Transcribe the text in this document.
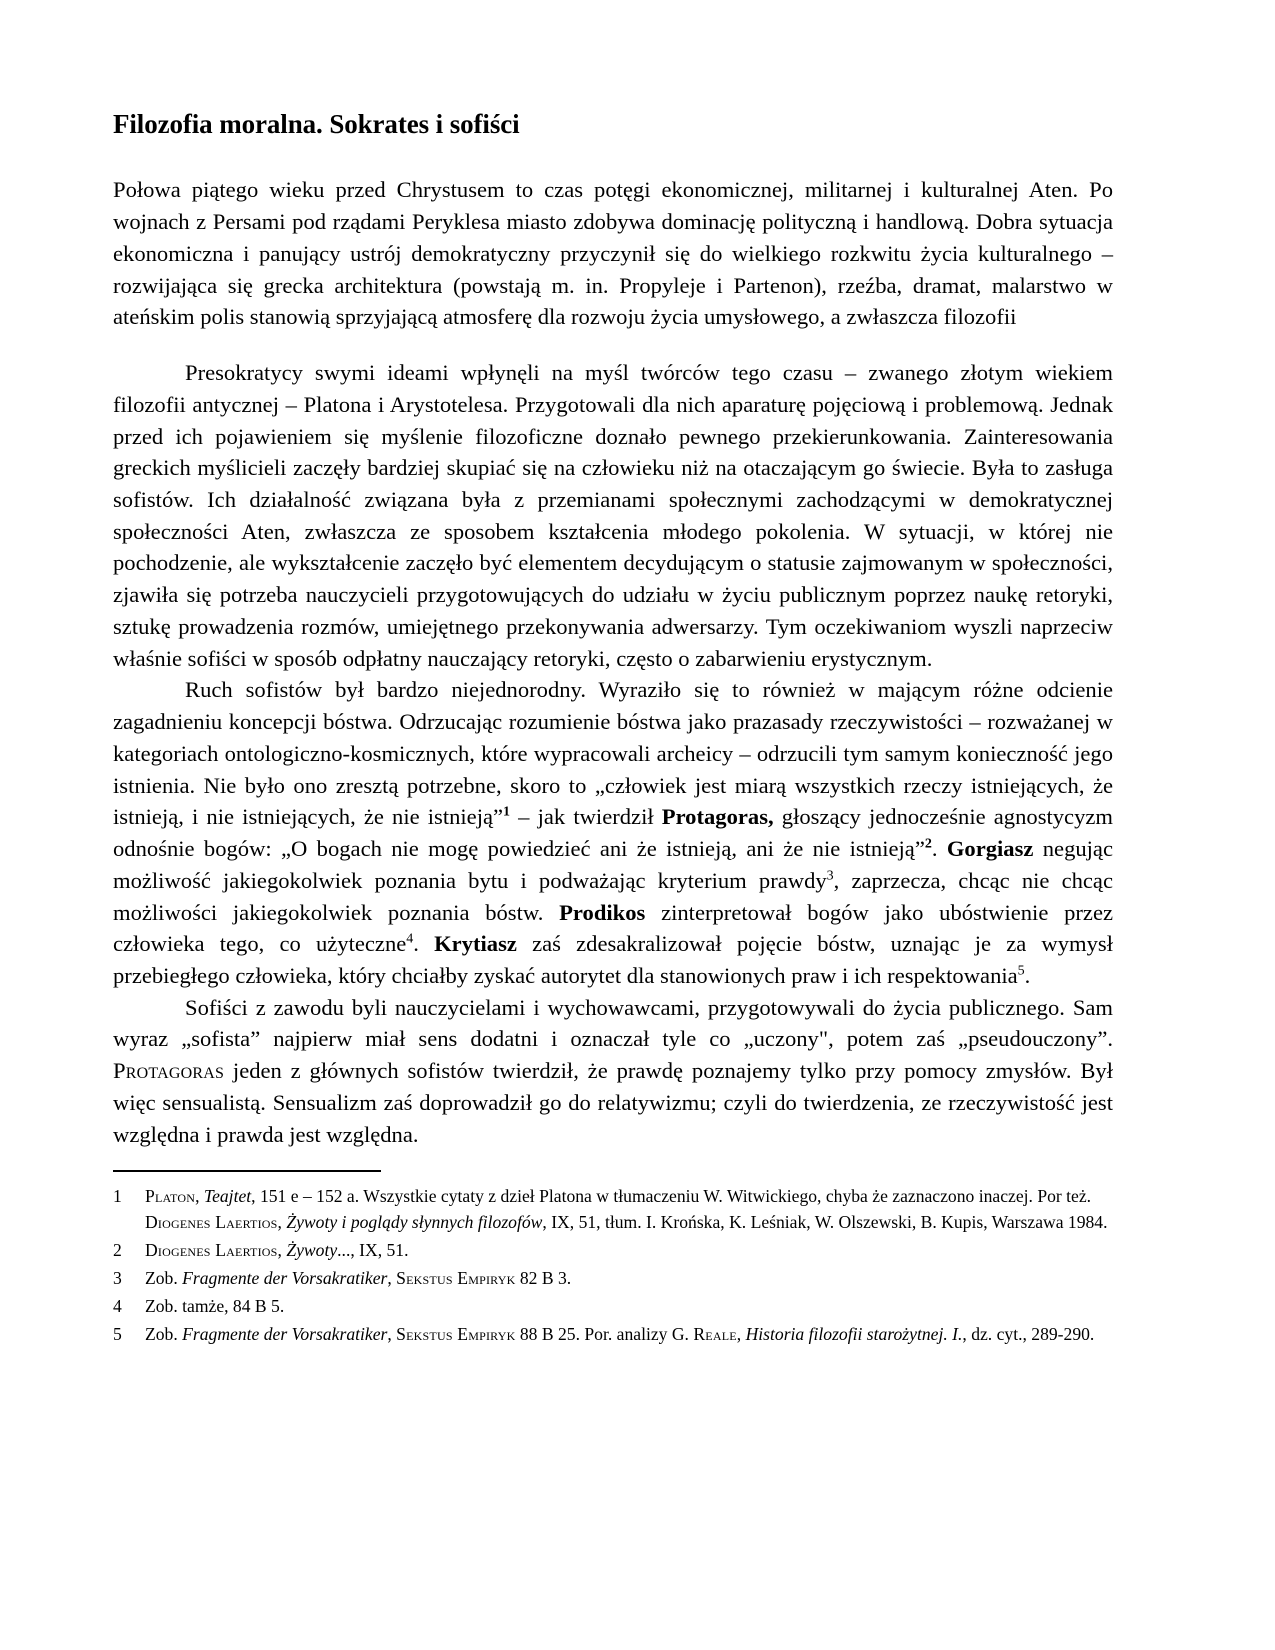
Filozofia moralna. Sokrates i sofiści

Połowa piątego wieku przed Chrystusem to czas potęgi ekonomicznej, militarnej i kulturalnej Aten. Po wojnach z Persami pod rządami Peryklesa miasto zdobywa dominację polityczną i handlową. Dobra sytuacja ekonomiczna i panujący ustrój demokratyczny przyczynił się do wielkiego rozkwitu życia kulturalnego – rozwijająca się grecka architektura (powstają m. in. Propyleje i Partenon), rzeźba, dramat, malarstwo w ateńskim polis stanowią sprzyjającą atmosferę dla rozwoju życia umysłowego, a zwłaszcza filozofii

Presokratycy swymi ideami wpłynęli na myśl twórców tego czasu – zwanego złotym wiekiem filozofii antycznej – Platona i Arystotelesa. Przygotowali dla nich aparaturę pojęciową i problemową. Jednak przed ich pojawieniem się myślenie filozoficzne doznało pewnego przekierunkowania. Zainteresowania greckich myślicieli zaczęły bardziej skupiać się na człowieku niż na otaczającym go świecie. Była to zasługa sofistów. Ich działalność związana była z przemianami społecznymi zachodzącymi w demokratycznej społeczności Aten, zwłaszcza ze sposobem kształcenia młodego pokolenia. W sytuacji, w której nie pochodzenie, ale wykształcenie zaczęło być elementem decydującym o statusie zajmowanym w społeczności, zjawiła się potrzeba nauczycieli przygotowujących do udziału w życiu publicznym poprzez naukę retoryki, sztukę prowadzenia rozmów, umiejętnego przekonywania adwersarzy. Tym oczekiwaniom wyszli naprzeciw właśnie sofiści w sposób odpłatny nauczający retoryki, często o zabarwieniu erystycznym.

Ruch sofistów był bardzo niejednorodny. Wyraziło się to również w mającym różne odcienie zagadnieniu koncepcji bóstwa. Odrzucając rozumienie bóstwa jako prazasady rzeczywistości – rozważanej w kategoriach ontologiczno-kosmicznych, które wypracowali archeicy – odrzucili tym samym konieczność jego istnienia. Nie było ono zresztą potrzebne, skoro to „człowiek jest miarą wszystkich rzeczy istniejących, że istnieją, i nie istniejących, że nie istnieją”$^1$ – jak twierdził Protagoras, głoszący jednocześnie agnostycyzm odnośnie bogów: „O bogach nie mogę powiedzieć ani że istnieją, ani że nie istnieją”$^2$. Gorgiasz negując możliwość jakiegokolwiek poznania bytu i podważając kryterium prawdy$^3$, zaprzecza, chcąc nie chcąc możliwości jakiegokolwiek poznania bóstw. Prodikos zinterpretował bogów jako ubóstwienie przez człowieka tego, co użyteczne$^4$. Krytiasz zaś zdesakralizował pojęcie bóstw, uznając je za wymysł przebiegłego człowieka, który chciałby zyskać autorytet dla stanowionych praw i ich respektowania$^5$.

Sofiści z zawodu byli nauczycielami i wychowawcami, przygotowywali do życia publicznego. Sam wyraz „sofista” najpierw miał sens dodatni i oznaczał tyle co „uczony", potem zaś „pseudouczony”. Protagoras jeden z głównych sofistów twierdził, że prawdę poznajemy tylko przy pomocy zmysłów. Był więc sensualistą. Sensualizm zaś doprowadził go do relatywizmu; czyli do twierdzenia, ze rzeczywistość jest względna i prawda jest względna.

1	Platon, Teajtet, 151 e – 152 a. Wszystkie cytaty z dzieł Platona w tłumaczeniu W. Witwickiego, chyba że zaznaczono inaczej. Por też. Diogenes Laertios, Żywoty i poglądy słynnych filozofów, IX, 51, tłum. I. Krońska, K. Leśniak, W. Olszewski, B. Kupis, Warszawa 1984.
2	Diogenes Laertios, Żywoty..., IX, 51.
3	Zob. Fragmente der Vorsakratiker, Sekstus Empiryk 82 B 3.
4	Zob. tamże, 84 B 5.
5	Zob. Fragmente der Vorsakratiker, Sekstus Empiryk 88 B 25. Por. analizy G. Reale, Historia filozofii starożytnej. I., dz. cyt., 289-290.
